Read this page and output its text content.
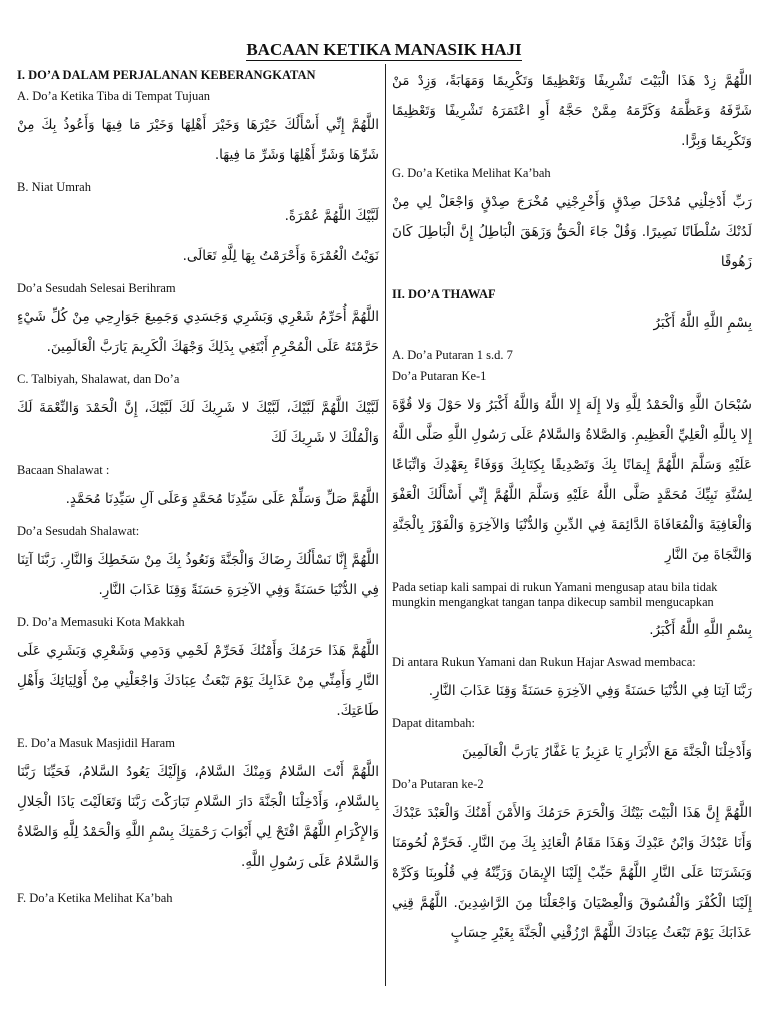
BACAAN KETIKA MANASIK HAJI
I. DO’A DALAM PERJALANAN KEBERANGKATAN
A. Do’a Ketika Tiba di Tempat Tujuan
اللَّهُمَّ إِنِّي أَسْأَلُكَ خَيْرَهَا وَخَيْرَ أَهْلِهَا وَخَيْرَ مَا فِيهَا وَأَعُوذُ بِكَ مِنْ شَرِّهَا وَشَرِّ أَهْلِهَا وَشَرِّ مَا فِيهَا.
B. Niat Umrah
لَبَّيْكَ اللَّهُمَّ عُمْرَةً.
نَوَيْتُ الْعُمْرَةَ وَأَحْرَمْتُ بِهَا لِلَّهِ تَعَالَى.
Do’a Sesudah Selesai Berihram
اللَّهُمَّ أُحَرِّمُ شَعْرِي وَبَشَرِي وَجَسَدِي وَجَمِيعَ جَوَارِحِي مِنْ كُلِّ شَيْءٍ حَرَّمْتَهُ عَلَى الْمُحْرِمِ أَبْتَغِي بِذَلِكَ وَجْهَكَ الْكَرِيمَ يَارَبَّ الْعَالَمِينَ.
C. Talbiyah, Shalawat, dan Do’a
لَبَّيْكَ اللَّهُمَّ لَبَّيْكَ، لَبَّيْكَ لا شَرِيكَ لَكَ لَبَّيْكَ، إِنَّ الْحَمْدَ وَالنِّعْمَةَ لَكَ وَالْمُلْكَ لا شَرِيكَ لَكَ
Bacaan Shalawat :
اللَّهُمَّ صَلِّ وَسَلِّمْ عَلَى سَيِّدِنَا مُحَمَّدٍ وَعَلَى آلِ سَيِّدِنَا مُحَمَّدٍ.
Do’a Sesudah Shalawat:
اللَّهُمَّ إِنَّا نَسْأَلُكَ رِضَاكَ وَالْجَنَّةَ وَنَعُوذُ بِكَ مِنْ سَخَطِكَ وَالنَّارِ. رَبَّنَا آتِنَا فِي الدُّنْيَا حَسَنَةً وَفِي الآخِرَةِ حَسَنَةً وَقِنَا عَذَابَ النَّارِ.
D. Do’a Memasuki Kota Makkah
اللَّهُمَّ هَذَا حَرَمُكَ وَأَمْنُكَ فَحَرِّمْ لَحْمِي وَدَمِي وَشَعْرِي وَبَشَرِي عَلَى النَّارِ وَأَمِنِّي مِنْ عَذَابِكَ يَوْمَ تَبْعَثُ عِبَادَكَ وَاجْعَلْنِي مِنْ أَوْلِيَائِكَ وَأَهْلِ طَاعَتِكَ.
E. Do’a Masuk Masjidil Haram
اللَّهُمَّ أَنْتَ السَّلامُ وَمِنْكَ السَّلامُ، وَإِلَيْكَ يَعُودُ السَّلامُ، فَحَيِّنَا رَبَّنَا بِالسَّلامِ، وَأَدْخِلْنَا الْجَنَّةَ دَارَ السَّلامِ تَبَارَكْتَ رَبَّنَا وَتَعَالَيْتَ يَاذَا الْجَلالِ وَالإِكْرَامِ اللَّهُمَّ افْتَحْ لِي أَبْوَابَ رَحْمَتِكَ بِسْمِ اللَّهِ وَالْحَمْدُ لِلَّهِ وَالصَّلاةُ وَالسَّلامُ عَلَى رَسُولِ اللَّهِ.
F. Do’a Ketika Melihat Ka’bah
اللَّهُمَّ زِدْ هَذَا الْبَيْتَ تَشْرِيفًا وَتَعْظِيمًا وَتَكْرِيمًا وَمَهَابَةً، وَزِدْ مَنْ شَرَّفَهُ وَعَظَّمَهُ وَكَرَّمَهُ مِمَّنْ حَجَّهُ أَوِ اعْتَمَرَهُ تَشْرِيفًا وَتَعْظِيمًا وَتَكْرِيمًا وَبِرًّا.
G. Do’a Ketika Melihat Ka’bah
رَبِّ أَدْخِلْنِي مُدْخَلَ صِدْقٍ وَأَخْرِجْنِي مُخْرَجَ صِدْقٍ وَاجْعَلْ لِي مِنْ لَدُنْكَ سُلْطَانًا نَصِيرًا. وَقُلْ جَاءَ الْحَقُّ وَزَهَقَ الْبَاطِلُ إِنَّ الْبَاطِلَ كَانَ زَهُوقًا
II. DO’A THAWAF
بِسْمِ اللَّهِ اللَّهُ أَكْبَرُ
A. Do’a Putaran 1 s.d. 7
Do’a Putaran Ke-1
سُبْحَانَ اللَّهِ وَالْحَمْدُ لِلَّهِ وَلا إِلَهَ إِلا اللَّهُ وَاللَّهُ أَكْبَرُ وَلا حَوْلَ وَلا قُوَّةَ إِلا بِاللَّهِ الْعَلِيِّ الْعَظِيمِ. وَالصَّلاةُ وَالسَّلامُ عَلَى رَسُولِ اللَّهِ صَلَّى اللَّهُ عَلَيْهِ وَسَلَّمَ اللَّهُمَّ إِيمَانًا بِكَ وَتَصْدِيقًا بِكِتَابِكَ وَوَفَاءً بِعَهْدِكَ وَاتِّبَاعًا لِسُنَّةِ نَبِيِّكَ مُحَمَّدٍ صَلَّى اللَّهُ عَلَيْهِ وَسَلَّمَ اللَّهُمَّ إِنِّي أَسْأَلُكَ الْعَفْوَ وَالْعَافِيَةَ وَالْمُعَافَاةَ الدَّائِمَةَ فِي الدِّينِ وَالدُّنْيَا وَالآخِرَةِ وَالْفَوْزَ بِالْجَنَّةِ وَالنَّجَاةَ مِنَ النَّارِ
Pada setiap kali sampai di rukun Yamani mengusap atau bila tidak mungkin mengangkat tangan tanpa dikecup sambil mengucapkan
بِسْمِ اللَّهِ اللَّهُ أَكْبَرُ.
Di antara Rukun Yamani dan Rukun Hajar Aswad membaca:
رَبَّنَا آتِنَا فِي الدُّنْيَا حَسَنَةً وَفِي الآخِرَةِ حَسَنَةً وَقِنَا عَذَابَ النَّارِ.
Dapat ditambah:
وَأَدْخِلْنَا الْجَنَّةَ مَعَ الأَبْرَارِ يَا عَزِيزُ يَا غَفَّارُ يَارَبَّ الْعَالَمِينَ
Do’a Putaran ke-2
اللَّهُمَّ إِنَّ هَذَا الْبَيْتَ بَيْتُكَ وَالْحَرَمَ حَرَمُكَ وَالأَمْنَ أَمْنُكَ وَالْعَبْدَ عَبْدُكَ وَأَنَا عَبْدُكَ وَابْنُ عَبْدِكَ وَهَذَا مَقَامُ الْعَائِذِ بِكَ مِنَ النَّارِ. فَحَرِّمْ لُحُومَنَا وَبَشَرَتَنَا عَلَى النَّارِ اللَّهُمَّ حَبِّبْ إِلَيْنَا الإِيمَانَ وَزَيِّنْهُ فِي قُلُوبِنَا وَكَرِّهْ إِلَيْنَا الْكُفْرَ وَالْفُسُوقَ وَالْعِصْيَانَ وَاجْعَلْنَا مِنَ الرَّاشِدِينَ. اللَّهُمَّ قِنِي عَذَابَكَ يَوْمَ تَبْعَثُ عِبَادَكَ اللَّهُمَّ ارْزُقْنِي الْجَنَّةَ بِغَيْرِ حِسَابٍ
